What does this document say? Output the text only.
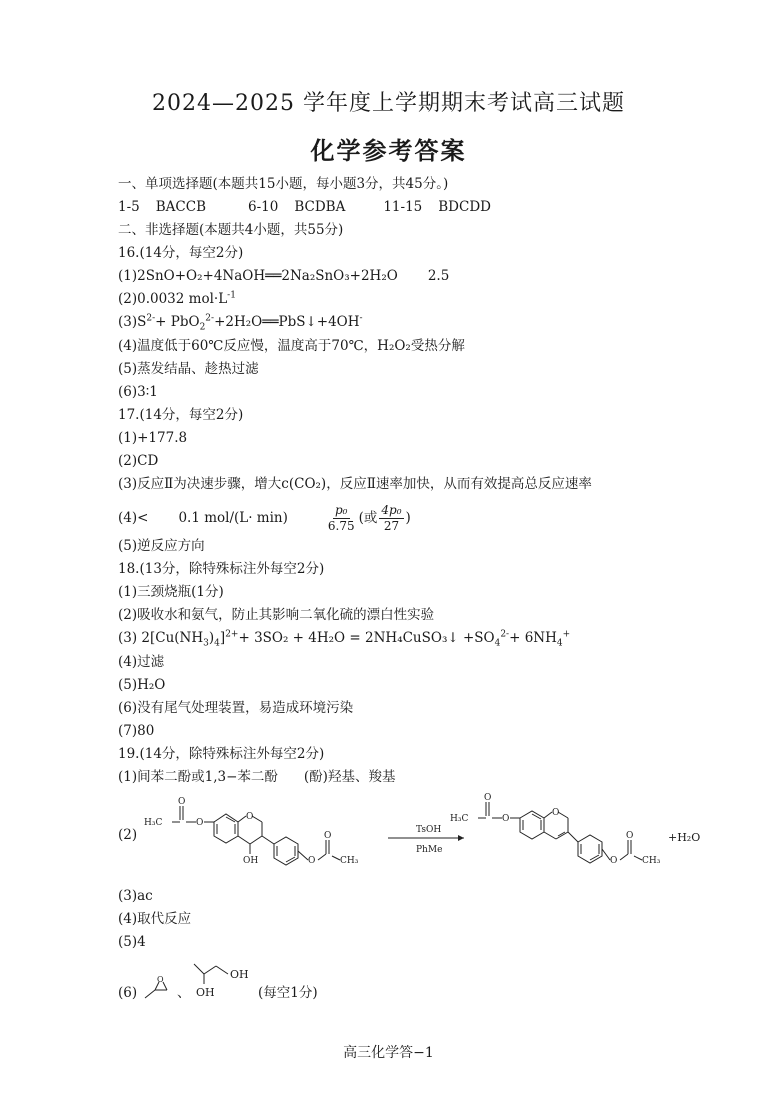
2024—2025 学年度上学期期末考试高三试题
化学参考答案
一、单项选择题(本题共15小题，每小题3分，共45分。)
1-5 BACCB	6-10 BCDBA	11-15 BDCDD
二、非选择题(本题共4小题，共55分)
16.(14分，每空2分)
(1)2SnO+O₂+4NaOH══2Na₂SnO₃+2H₂O 2.5
(2)0.0032 $mol\cdot L^{-1}$
$(3)S^{2-}+$ PbO$_2^{2-}$+2H₂O══PbS↓+4OH-
(4)温度低于60℃反应慢，温度高于70℃，H₂O₂受热分解
(5)蒸发结晶、趁热过滤
(6)3∶1
17.(14分，每空2分)
(1)+177.8
(2)CD
(3)反应Ⅱ为决速步骤，增大c(CO₂)，反应Ⅱ速率加快，从而有效提高总反应速率
(4)< 0.1 mol/(L· min)	$\frac{\text{p₀}}{6.75}$ (或 $\frac{\text{4p₀}}{27}$ )
(5)逆反应方向
18.(13分，除特殊标注外每空2分)
(1)三颈烧瓶(1分)
(2)吸收水和氨气，防止其影响二氧化硫的漂白性实验
(3) $2[Cu(NH_3)_4]^{2+}+ 3SO_2 + 4H_2O$ = 2NH₄CuSO₃↓ $+SO_4^{2-}+ 6NH_4^+$
(4)过滤
(5)H₂O
(6)没有尾气处理装置，易造成环境污染
(7)80
19.(14分，除特殊标注外每空2分)
(1)间苯二酚或1,3−苯二酚 (酚)羟基、羧基
(2)
H₃C
O
O
O
OH	O
O
CH₃
TsOH
PhMe
H₃C
O
O
O
O
O
CH₃
+H₂O
(3)ac
(4)取代反应
(5)4
(6)
O
、
OH
OH	(每空1分)
高三化学答−1
